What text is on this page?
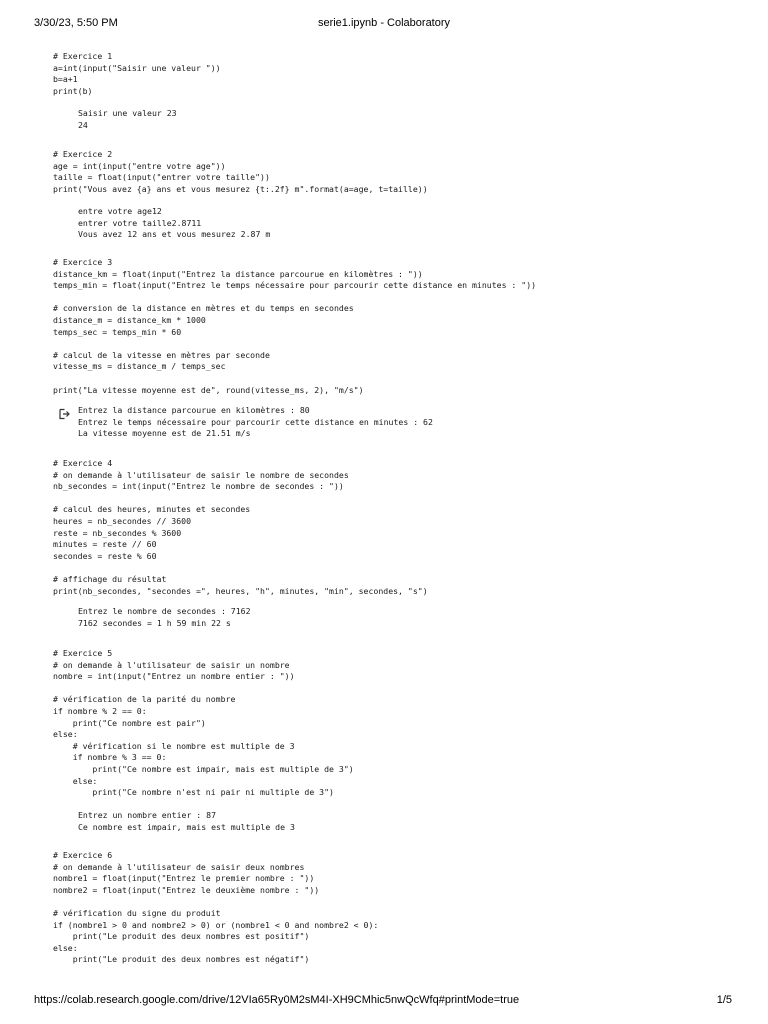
3/30/23, 5:50 PM	serie1.ipynb - Colaboratory
# Exercice 1
a=int(input("Saisir une valeur "))
b=a+1
print(b)
Saisir une valeur 23
24
# Exercice 2
age = int(input("entre votre age"))
taille = float(input("entrer votre taille"))
print("Vous avez {a} ans et vous mesurez {t:.2f} m".format(a=age, t=taille))
entre votre age12
entrer votre taille2.8711
Vous avez 12 ans et vous mesurez 2.87 m
# Exercice 3
distance_km = float(input("Entrez la distance parcourue en kilomètres : "))
temps_min = float(input("Entrez le temps nécessaire pour parcourir cette distance en minutes : "))

# conversion de la distance en mètres et du temps en secondes
distance_m = distance_km * 1000
temps_sec = temps_min * 60

# calcul de la vitesse en mètres par seconde
vitesse_ms = distance_m / temps_sec

print("La vitesse moyenne est de", round(vitesse_ms, 2), "m/s")
Entrez la distance parcourue en kilomètres : 80
Entrez le temps nécessaire pour parcourir cette distance en minutes : 62
La vitesse moyenne est de 21.51 m/s
# Exercice 4
# on demande à l'utilisateur de saisir le nombre de secondes
nb_secondes = int(input("Entrez le nombre de secondes : "))

# calcul des heures, minutes et secondes
heures = nb_secondes // 3600
reste = nb_secondes % 3600
minutes = reste // 60
secondes = reste % 60

# affichage du résultat
print(nb_secondes, "secondes =", heures, "h", minutes, "min", secondes, "s")
Entrez le nombre de secondes : 7162
7162 secondes = 1 h 59 min 22 s
# Exercice 5
# on demande à l'utilisateur de saisir un nombre
nombre = int(input("Entrez un nombre entier : "))

# vérification de la parité du nombre
if nombre % 2 == 0:
print("Ce nombre est pair")
else:
# vérification si le nombre est multiple de 3
if nombre % 3 == 0:
print("Ce nombre est impair, mais est multiple de 3")
else:
print("Ce nombre n'est ni pair ni multiple de 3")
Entrez un nombre entier : 87
Ce nombre est impair, mais est multiple de 3
# Exercice 6
# on demande à l'utilisateur de saisir deux nombres
nombre1 = float(input("Entrez le premier nombre : "))
nombre2 = float(input("Entrez le deuxième nombre : "))

# vérification du signe du produit
if (nombre1 > 0 and nombre2 > 0) or (nombre1 < 0 and nombre2 < 0):
print("Le produit des deux nombres est positif")
else:
print("Le produit des deux nombres est négatif")
https://colab.research.google.com/drive/12VIa65Ry0M2sM4I-XH9CMhic5nwQcWfq#printMode=true	1/5
